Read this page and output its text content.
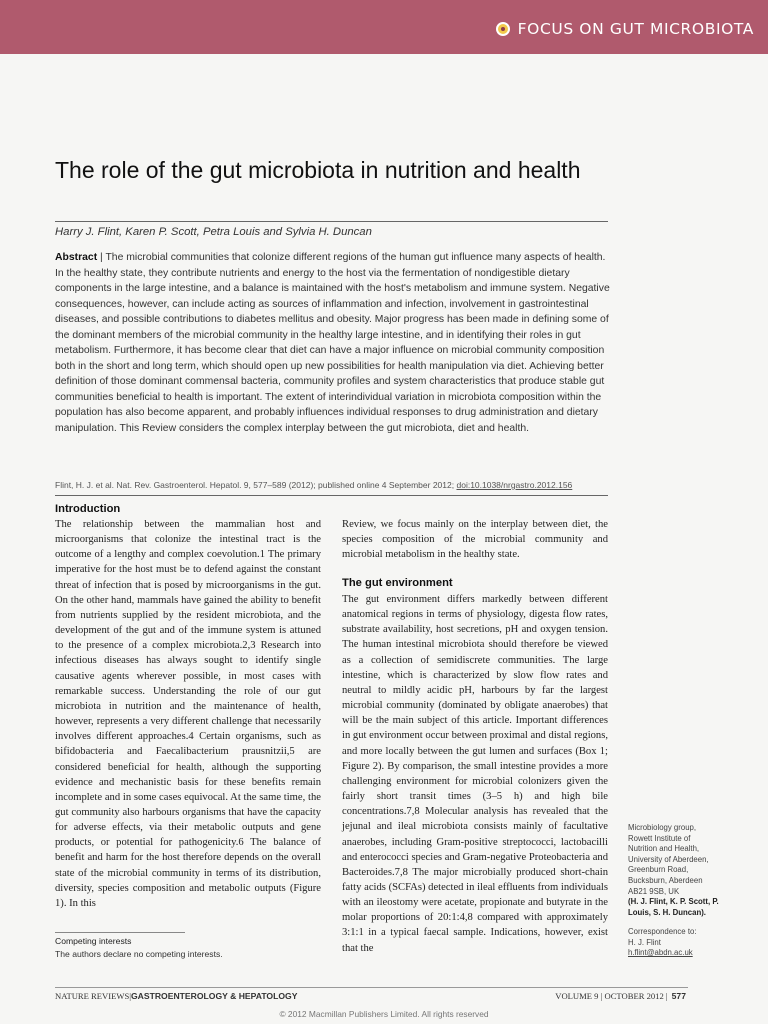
FOCUS ON GUT MICROBIOTA
The role of the gut microbiota in nutrition and health
Harry J. Flint, Karen P. Scott, Petra Louis and Sylvia H. Duncan

Abstract | The microbial communities that colonize different regions of the human gut influence many aspects of health. In the healthy state, they contribute nutrients and energy to the host via the fermentation of nondigestible dietary components in the large intestine, and a balance is maintained with the host's metabolism and immune system. Negative consequences, however, can include acting as sources of inflammation and infection, involvement in gastrointestinal diseases, and possible contributions to diabetes mellitus and obesity. Major progress has been made in defining some of the dominant members of the microbial community in the healthy large intestine, and in identifying their roles in gut metabolism. Furthermore, it has become clear that diet can have a major influence on microbial community composition both in the short and long term, which should open up new possibilities for health manipulation via diet. Achieving better definition of those dominant commensal bacteria, community profiles and system characteristics that produce stable gut communities beneficial to health is important. The extent of interindividual variation in microbiota composition within the population has also become apparent, and probably influences individual responses to drug administration and dietary manipulation. This Review considers the complex interplay between the gut microbiota, diet and health.

Flint, H. J. et al. Nat. Rev. Gastroenterol. Hepatol. 9, 577–589 (2012); published online 4 September 2012; doi:10.1038/nrgastro.2012.156
Introduction

The relationship between the mammalian host and microorganisms that colonize the intestinal tract is the outcome of a lengthy and complex coevolution.1 The primary imperative for the host must be to defend against the constant threat of infection that is posed by microorganisms in the gut. On the other hand, mammals have gained the ability to benefit from nutrients supplied by the resident microbiota, and the development of the gut and of the immune system is attuned to the presence of a complex microbiota.2,3 Research into infectious diseases has always sought to identify single causative agents wherever possible, in most cases with remarkable success. Understanding the role of our gut microbiota in nutrition and the maintenance of health, however, represents a very different challenge that necessarily involves different approaches.4 Certain organisms, such as bifidobacteria and Faecalibacterium prausnitzii,5 are considered beneficial for health, although the supporting evidence and mechanistic basis for these benefits remain incomplete and in some cases equivocal. At the same time, the gut community also harbours organisms that have the capacity for adverse effects, via their metabolic outputs and gene products, or potential for pathogenicity.6 The balance of benefit and harm for the host therefore depends on the overall state of the microbial community in terms of its distribution, diversity, species composition and metabolic outputs (Figure 1). In this

Competing interests
The authors declare no competing interests.

Review, we focus mainly on the interplay between diet, the species composition of the microbial community and microbial metabolism in the healthy state.

The gut environment

The gut environment differs markedly between different anatomical regions in terms of physiology, digesta flow rates, substrate availability, host secretions, pH and oxygen tension. The human intestinal microbiota should therefore be viewed as a collection of semidiscrete communities. The large intestine, which is characterized by slow flow rates and neutral to mildly acidic pH, harbours by far the largest microbial community (dominated by obligate anaerobes) that will be the main subject of this article. Important differences in gut environment occur between proximal and distal regions, and more locally between the gut lumen and surfaces (Box 1; Figure 2). By comparison, the small intestine provides a more challenging environment for microbial colonizers given the fairly short transit times (3–5 h) and high bile concentrations.7,8 Molecular analysis has revealed that the jejunal and ileal microbiota consists mainly of facultative anaerobes, including Gram-positive streptococci, lactobacilli and enterococci species and Gram-negative Proteobacteria and Bacteroides.7,8 The major microbially produced short-chain fatty acids (SCFAs) detected in ileal effluents from individuals with an ileostomy were acetate, propionate and butyrate in the molar proportions of 20:1:4,8 compared with approximately 3:1:1 in a typical faecal sample. Indications, however, exist that the

Microbiology group,
Rowett Institute of
Nutrition and Health,
University of Aberdeen,
Greenburn Road,
Bucksburn, Aberdeen
AB21 9SB, UK
(H. J. Flint, K. P. Scott, P. Louis, S. H. Duncan).
Correspondence to:
H. J. Flint
h.flint@abdn.ac.uk
NATURE REVIEWS|GASTROENTEROLOGY & HEPATOLOGY	VOLUME 9 | OCTOBER 2012 | 577
© 2012 Macmillan Publishers Limited. All rights reserved
